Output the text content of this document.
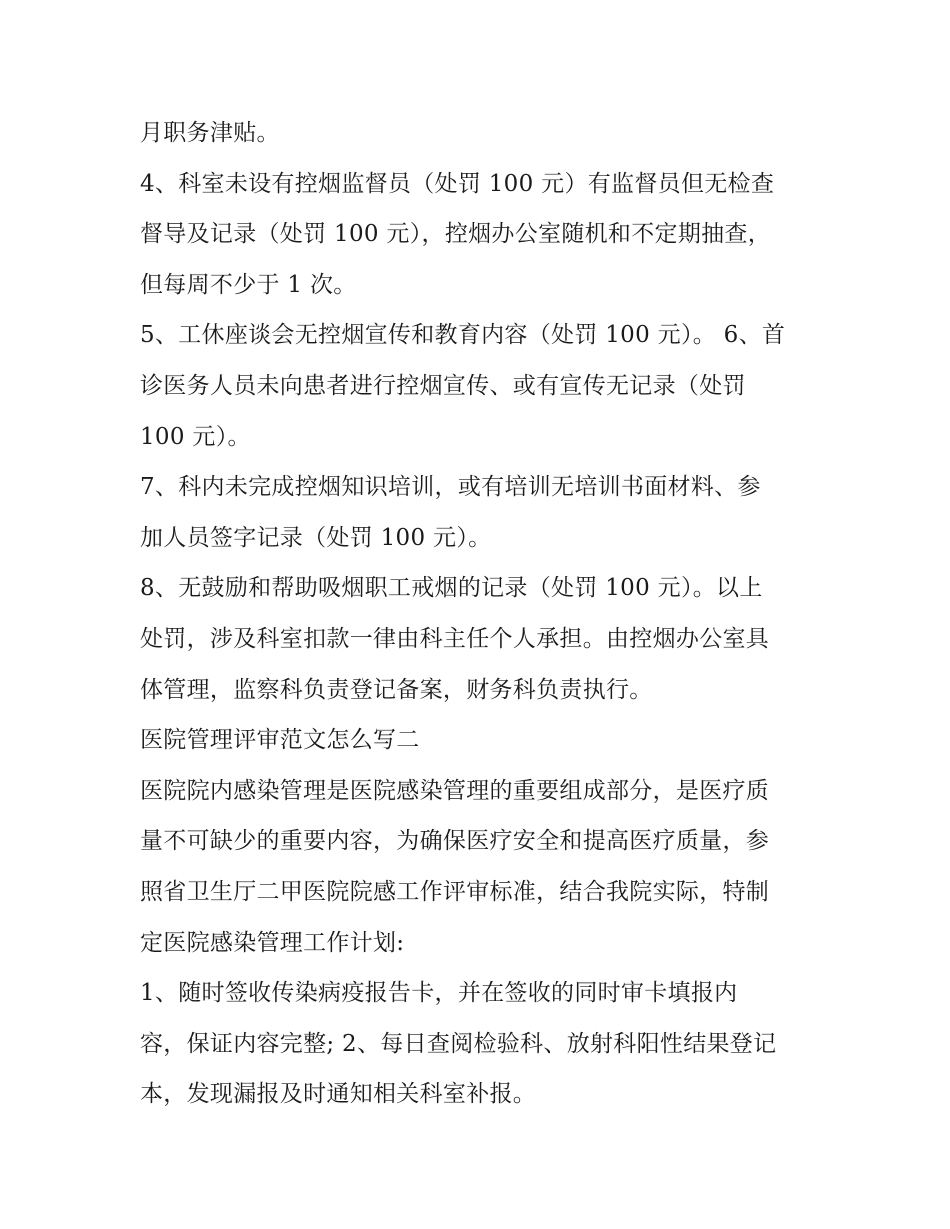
月职务津贴。
4、科室未设有控烟监督员（处罚 100 元）有监督员但无检查
督导及记录（处罚 100 元），控烟办公室随机和不定期抽查，
但每周不少于 1 次。
5、工休座谈会无控烟宣传和教育内容（处罚 100 元）。 6、首
诊医务人员未向患者进行控烟宣传、或有宣传无记录（处罚
100 元）。
7、科内未完成控烟知识培训，或有培训无培训书面材料、参
加人员签字记录（处罚 100 元）。
8、无鼓励和帮助吸烟职工戒烟的记录（处罚 100 元）。以上
处罚，涉及科室扣款一律由科主任个人承担。由控烟办公室具
体管理，监察科负责登记备案，财务科负责执行。
医院管理评审范文怎么写二
医院院内感染管理是医院感染管理的重要组成部分，是医疗质
量不可缺少的重要内容，为确保医疗安全和提高医疗质量，参
照省卫生厅二甲医院院感工作评审标准，结合我院实际，特制
定医院感染管理工作计划:
1、随时签收传染病疫报告卡，并在签收的同时审卡填报内
容，保证内容完整; 2、每日查阅检验科、放射科阳性结果登记
本，发现漏报及时通知相关科室补报。
